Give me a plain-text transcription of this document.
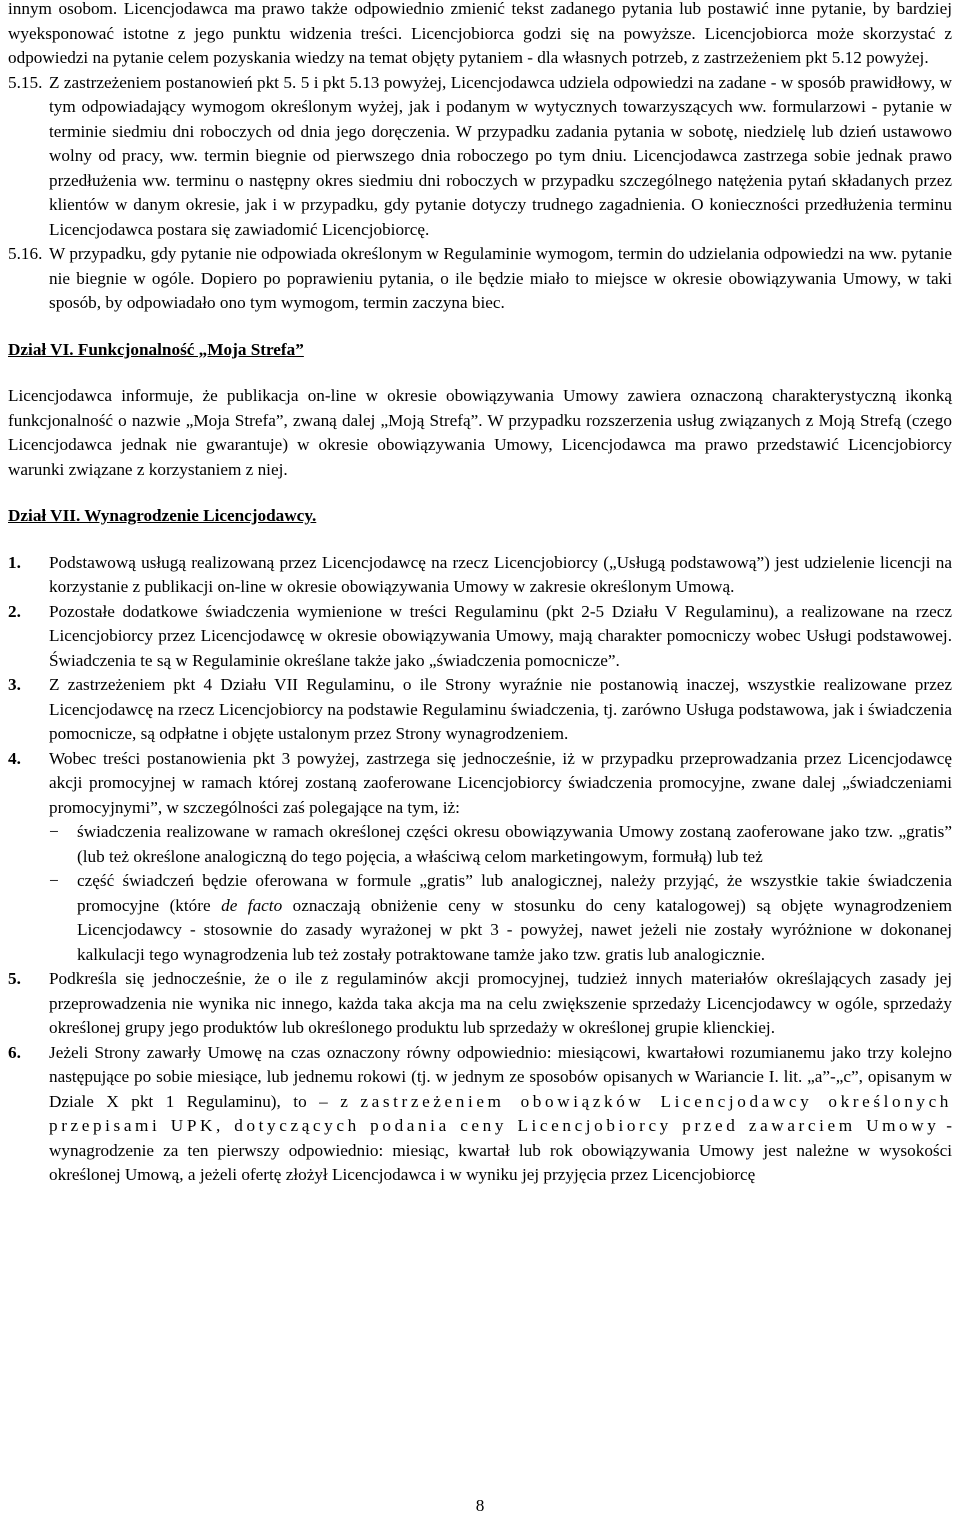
innym osobom. Licencjodawca ma prawo także odpowiednio zmienić tekst zadanego pytania lub postawić inne pytanie, by bardziej wyeksponować istotne z jego punktu widzenia treści. Licencjobiorca godzi się na powyższe. Licencjobiorca może skorzystać z odpowiedzi na pytanie celem pozyskania wiedzy na temat objęty pytaniem - dla własnych potrzeb, z zastrzeżeniem pkt 5.12 powyżej.

5.15. Z zastrzeżeniem postanowień pkt 5. 5 i pkt 5.13 powyżej, Licencjodawca udziela odpowiedzi na zadane - w sposób prawidłowy, w tym odpowiadający wymogom określonym wyżej, jak i podanym w wytycznych towarzyszących ww. formularzowi - pytanie w terminie siedmiu dni roboczych od dnia jego doręczenia. W przypadku zadania pytania w sobotę, niedzielę lub dzień ustawowo wolny od pracy, ww. termin biegnie od pierwszego dnia roboczego po tym dniu. Licencjodawca zastrzega sobie jednak prawo przedłużenia ww. terminu o następny okres siedmiu dni roboczych w przypadku szczególnego natężenia pytań składanych przez klientów w danym okresie, jak i w przypadku, gdy pytanie dotyczy trudnego zagadnienia. O konieczności przedłużenia terminu Licencjodawca postara się zawiadomić Licencjobiorcę.
5.16. W przypadku, gdy pytanie nie odpowiada określonym w Regulaminie wymogom, termin do udzielania odpowiedzi na ww. pytanie nie biegnie w ogóle. Dopiero po poprawieniu pytania, o ile będzie miało to miejsce w okresie obowiązywania Umowy, w taki sposób, by odpowiadało ono tym wymogom, termin zaczyna biec.

Dział VI. Funkcjonalność „Moja Strefa”

Licencjodawca informuje, że publikacja on-line w okresie obowiązywania Umowy zawiera oznaczoną charakterystyczną ikonką funkcjonalność o nazwie „Moja Strefa”, zwaną dalej „Moją Strefą”. W przypadku rozszerzenia usług związanych z Moją Strefą (czego Licencjodawca jednak nie gwarantuje) w okresie obowiązywania Umowy, Licencjodawca ma prawo przedstawić Licencjobiorcy warunki związane z korzystaniem z niej.

Dział VII. Wynagrodzenie Licencjodawcy.

1.	Podstawową usługą realizowaną przez Licencjodawcę na rzecz Licencjobiorcy („Usługą podstawową”) jest udzielenie licencji na korzystanie z publikacji on-line w okresie obowiązywania Umowy w zakresie określonym Umową.
2.	Pozostałe dodatkowe świadczenia wymienione w treści Regulaminu (pkt 2-5 Działu V Regulaminu), a realizowane na rzecz Licencjobiorcy przez Licencjodawcę w okresie obowiązywania Umowy, mają charakter pomocniczy wobec Usługi podstawowej. Świadczenia te są w Regulaminie określane także jako „świadczenia pomocnicze”.
3.	Z zastrzeżeniem pkt 4 Działu VII Regulaminu, o ile Strony wyraźnie nie postanowią inaczej, wszystkie realizowane przez Licencjodawcę na rzecz Licencjobiorcy na podstawie Regulaminu świadczenia, tj. zarówno Usługa podstawowa, jak i świadczenia pomocnicze, są odpłatne i objęte ustalonym przez Strony wynagrodzeniem.
4.	Wobec treści postanowienia pkt 3 powyżej, zastrzega się jednocześnie, iż w przypadku przeprowadzania przez Licencjodawcę akcji promocyjnej w ramach której zostaną zaoferowane Licencjobiorcy świadczenia promocyjne, zwane dalej „świadczeniami promocyjnymi”, w szczególności zaś polegające na tym, iż:
−	świadczenia realizowane w ramach określonej części okresu obowiązywania Umowy zostaną zaoferowane jako tzw. „gratis” (lub też określone analogiczną do tego pojęcia, a właściwą celom marketingowym, formułą) lub też
−	część świadczeń będzie oferowana w formule „gratis” lub analogicznej, należy przyjąć, że wszystkie takie świadczenia promocyjne (które de facto oznaczają obniżenie ceny w stosunku do ceny katalogowej) są objęte wynagrodzeniem Licencjodawcy - stosownie do zasady wyrażonej w pkt 3 - powyżej, nawet jeżeli nie zostały wyróżnione w dokonanej kalkulacji tego wynagrodzenia lub też zostały potraktowane tamże jako tzw. gratis lub analogicznie.
5.	Podkreśla się jednocześnie, że o ile z regulaminów akcji promocyjnej, tudzież innych materiałów określających zasady jej przeprowadzenia nie wynika nic innego, każda taka akcja ma na celu zwiększenie sprzedaży Licencjodawcy w ogóle, sprzedaży określonej grupy jego produktów lub określonego produktu lub sprzedaży w określonej grupie klienckiej.
6.	Jeżeli Strony zawarły Umowę na czas oznaczony równy odpowiednio: miesiącowi, kwartałowi rozumianemu jako trzy kolejno następujące po sobie miesiące, lub jednemu rokowi (tj. w jednym ze sposobów opisanych w Wariancie I. lit. „a”-„c”, opisanym w Dziale X pkt 1 Regulaminu), to – z zastrzeżeniem obowiązków Licencjodawcy określonych przepisami UPK, dotyczących podania ceny Licencjobiorcy przed zawarciem Umowy - wynagrodzenie za ten pierwszy odpowiednio: miesiąc, kwartał lub rok obowiązywania Umowy jest należne w wysokości określonej Umową, a jeżeli ofertę złożył Licencjodawca i w wyniku jej przyjęcia przez Licencjobiorcę
8
